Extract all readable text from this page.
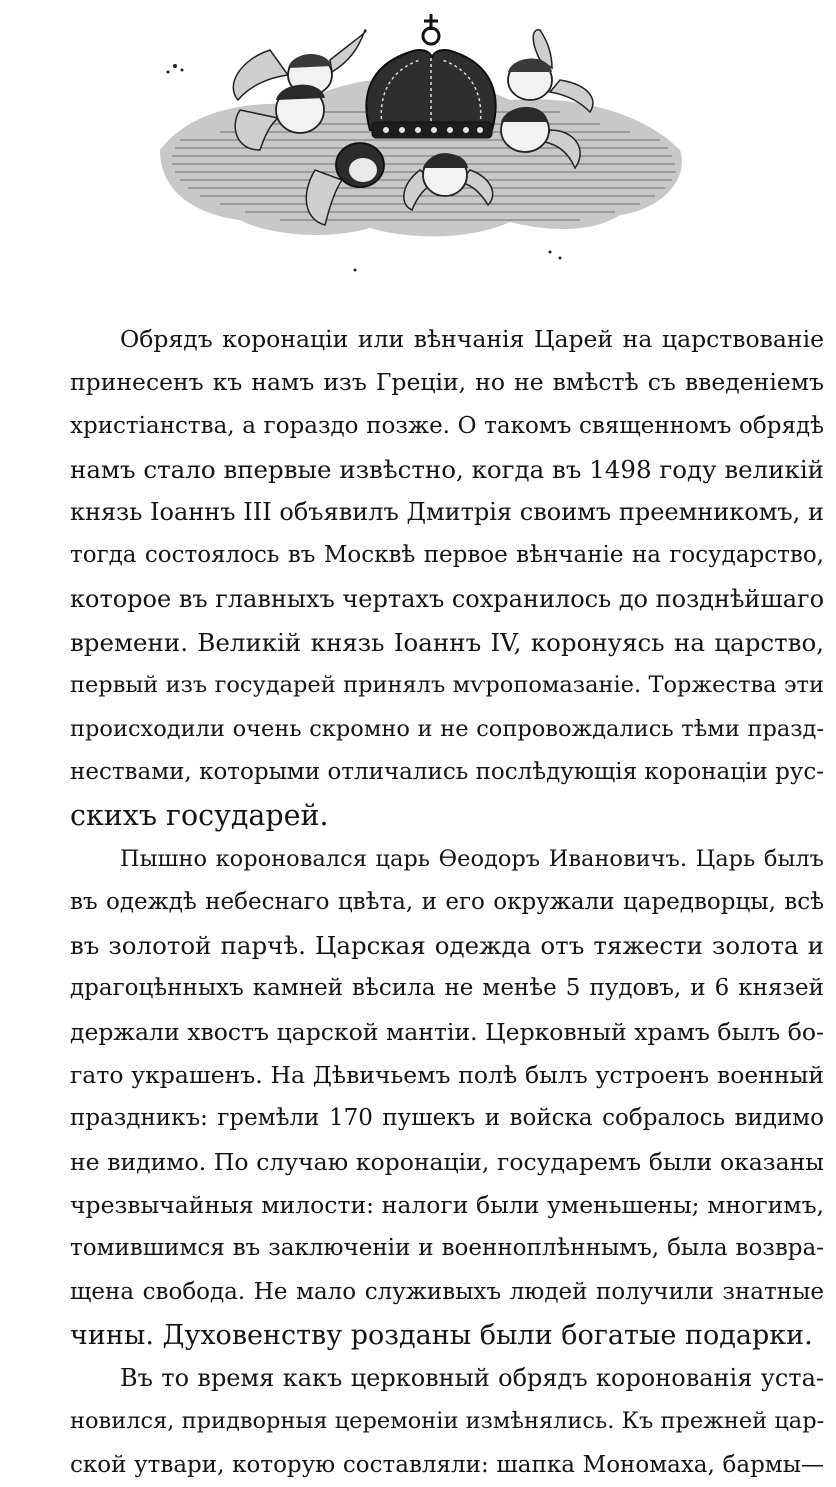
Обрядъ коронаціи или вѣнчанія Царей на царствованіе
принесенъ къ намъ изъ Греціи, но не вмѣстѣ съ введеніемъ
христіанства, а гораздо позже. О такомъ священномъ обрядѣ
намъ стало впервые извѣстно, когда въ 1498 году великій
князь Іоаннъ III объявилъ Дмитрія своимъ преемникомъ, и
тогда состоялось въ Москвѣ первое вѣнчаніе на государство,
которое въ главныхъ чертахъ сохранилось до позднѣйшаго
времени. Великій князь Іоаннъ IV, коронуясь на царство,
первый изъ государей принялъ мѵропомазаніе. Торжества эти
происходили очень скромно и не сопровождались тѣми празд-
нествами, которыми отличались послѣдующія коронаціи рус-
скихъ государей.
Пышно короновался царь Ѳеодоръ Ивановичъ. Царь былъ
въ одеждѣ небеснаго цвѣта, и его окружали царедворцы, всѣ
въ золотой парчѣ. Царская одежда отъ тяжести золота и
драгоцѣнныхъ камней вѣсила не менѣе 5 пудовъ, и 6 князей
держали хвостъ царской мантіи. Церковный храмъ былъ бо-
гато украшенъ. На Дѣвичьемъ полѣ былъ устроенъ военный
праздникъ: гремѣли 170 пушекъ и войска собралось видимо
не видимо. По случаю коронаціи, государемъ были оказаны
чрезвычайныя милости: налоги были уменьшены; многимъ,
томившимся въ заключеніи и военноплѣннымъ, была возвра-
щена свобода. Не мало служивыхъ людей получили знатные
чины. Духовенству розданы были богатые подарки.
Въ то время какъ церковный обрядъ коронованія уста-
новился, придворныя церемоніи измѣнялись. Къ прежней цар-
ской утвари, которую составляли: шапка Мономаха, бармы—
